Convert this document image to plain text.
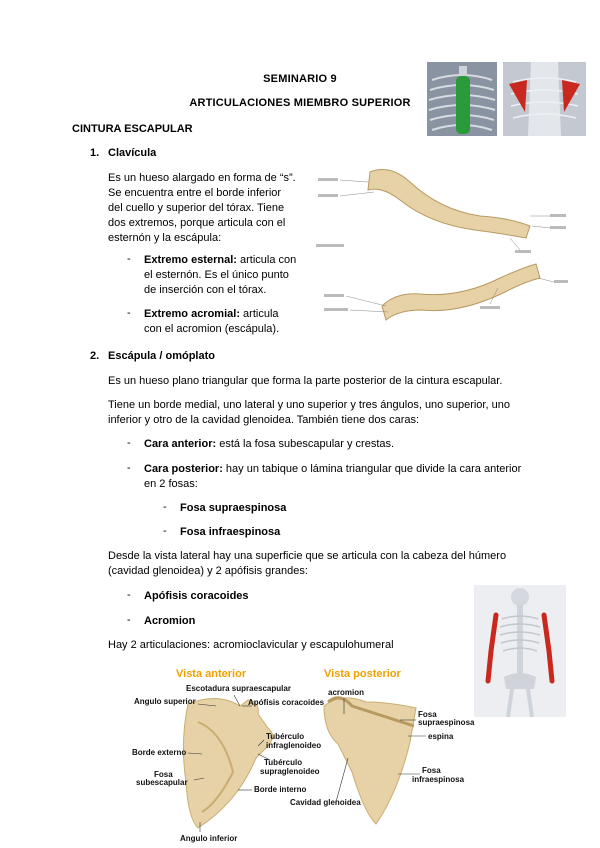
SEMINARIO 9
ARTICULACIONES MIEMBRO SUPERIOR
CINTURA ESCAPULAR
1. Clavícula
Es un hueso alargado en forma de “s”.
Se encuentra entre el borde inferior
del cuello y superior del tórax. Tiene
dos extremos, porque articula con el
esternón y la escápula:
- Extremo esternal: articula con
el esternón. Es el único punto
de inserción con el tórax.
- Extremo acromial: articula
con el acromion (escápula).
2. Escápula / omóplato
Es un hueso plano triangular que forma la parte posterior de la cintura escapular.
Tiene un borde medial, uno lateral y uno superior y tres ángulos, uno superior, uno
inferior y otro de la cavidad glenoidea. También tiene dos caras:
- Cara anterior: está la fosa subescapular y crestas.
- Cara posterior: hay un tabique o lámina triangular que divide la cara anterior
en 2 fosas:
- Fosa supraespinosa
- Fosa infraespinosa
Desde la vista lateral hay una superficie que se articula con la cabeza del húmero
(cavidad glenoidea) y 2 apófisis grandes:
- Apófisis coracoides
- Acromion
Hay 2 articulaciones: acromioclavicular y escapulohumeral
Vista anterior	Vista posterior
Escotadura supraescapular
Angulo superior	Apófisis coracoides
Tubérculo
infraglenoideo
Borde externo
Tubérculo
supraglenoideo
Fosa
subescapular
Borde interno
Angulo inferior
acromion
Fosa
supraespinosa
espina
Fosa
infraespinosa
Cavidad glenoidea
